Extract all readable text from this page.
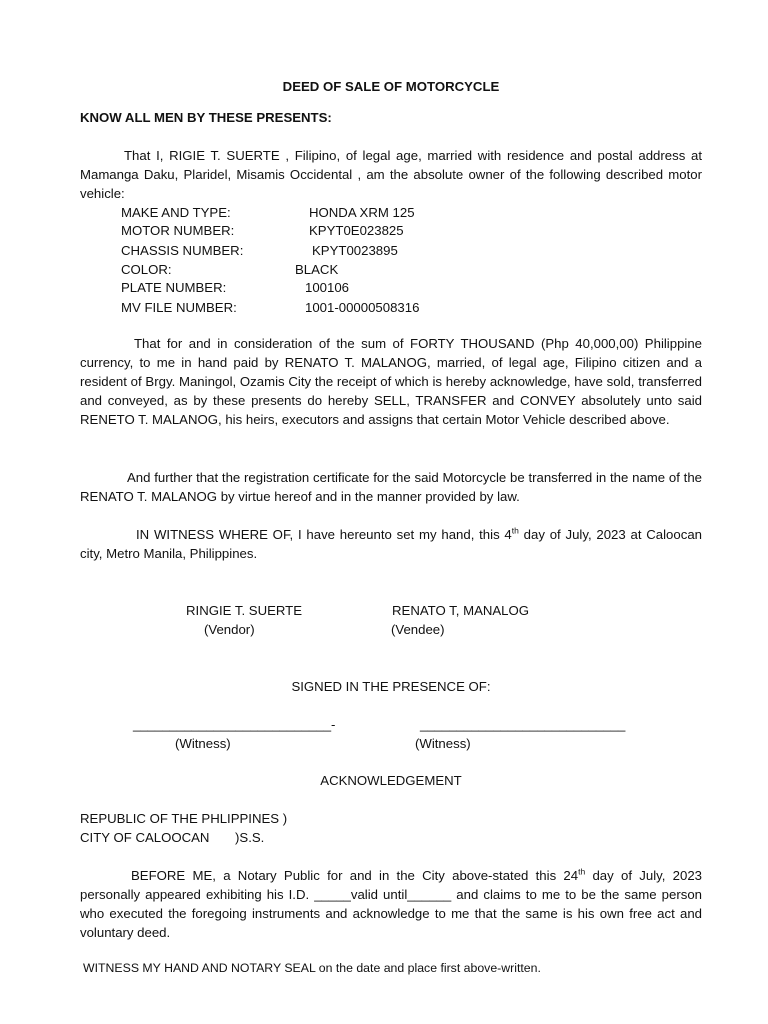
DEED OF SALE OF MOTORCYCLE
KNOW ALL MEN BY THESE PRESENTS:
That I, RIGIE T. SUERTE , Filipino, of legal age, married with residence and postal address at Mamanga Daku, Plaridel, Misamis Occidental , am the absolute owner of the following described motor vehicle:
MAKE AND TYPE:	HONDA XRM 125
MOTOR NUMBER:	KPYT0E023825
CHASSIS NUMBER:	KPYT0023895
COLOR:	BLACK
PLATE NUMBER:	100106
MV FILE NUMBER:	1001-00000508316
That for and in consideration of the sum of FORTY THOUSAND (Php 40,000,00) Philippine currency, to me in hand paid by RENATO T. MALANOG, married, of legal age, Filipino citizen and a resident of Brgy. Maningol, Ozamis City the receipt of which is hereby acknowledge, have sold, transferred and conveyed, as by these presents do hereby SELL, TRANSFER and CONVEY absolutely unto said RENETO T. MALANOG, his heirs, executors and assigns that certain Motor Vehicle described above.
And further that the registration certificate for the said Motorcycle be transferred in the name of the RENATO T. MALANOG by virtue hereof and in the manner provided by law.
IN WITNESS WHERE OF, I have hereunto set my hand, this 4th day of July, 2023 at Caloocan city, Metro Manila, Philippines.
RINGIE T. SUERTE
(Vendor)
RENATO T, MANALOG
(Vendee)
SIGNED IN THE PRESENCE OF:
___________________________-	____________________________
(Witness)	(Witness)
ACKNOWLEDGEMENT
REPUBLIC OF THE PHLIPPINES )
CITY OF CALOOCAN )S.S.
BEFORE ME, a Notary Public for and in the City above-stated this 24th day of July, 2023 personally appeared exhibiting his I.D. _____valid until______ and claims to me to be the same person who executed the foregoing instruments and acknowledge to me that the same is his own free act and voluntary deed.
WITNESS MY HAND AND NOTARY SEAL on the date and place first above-written.
